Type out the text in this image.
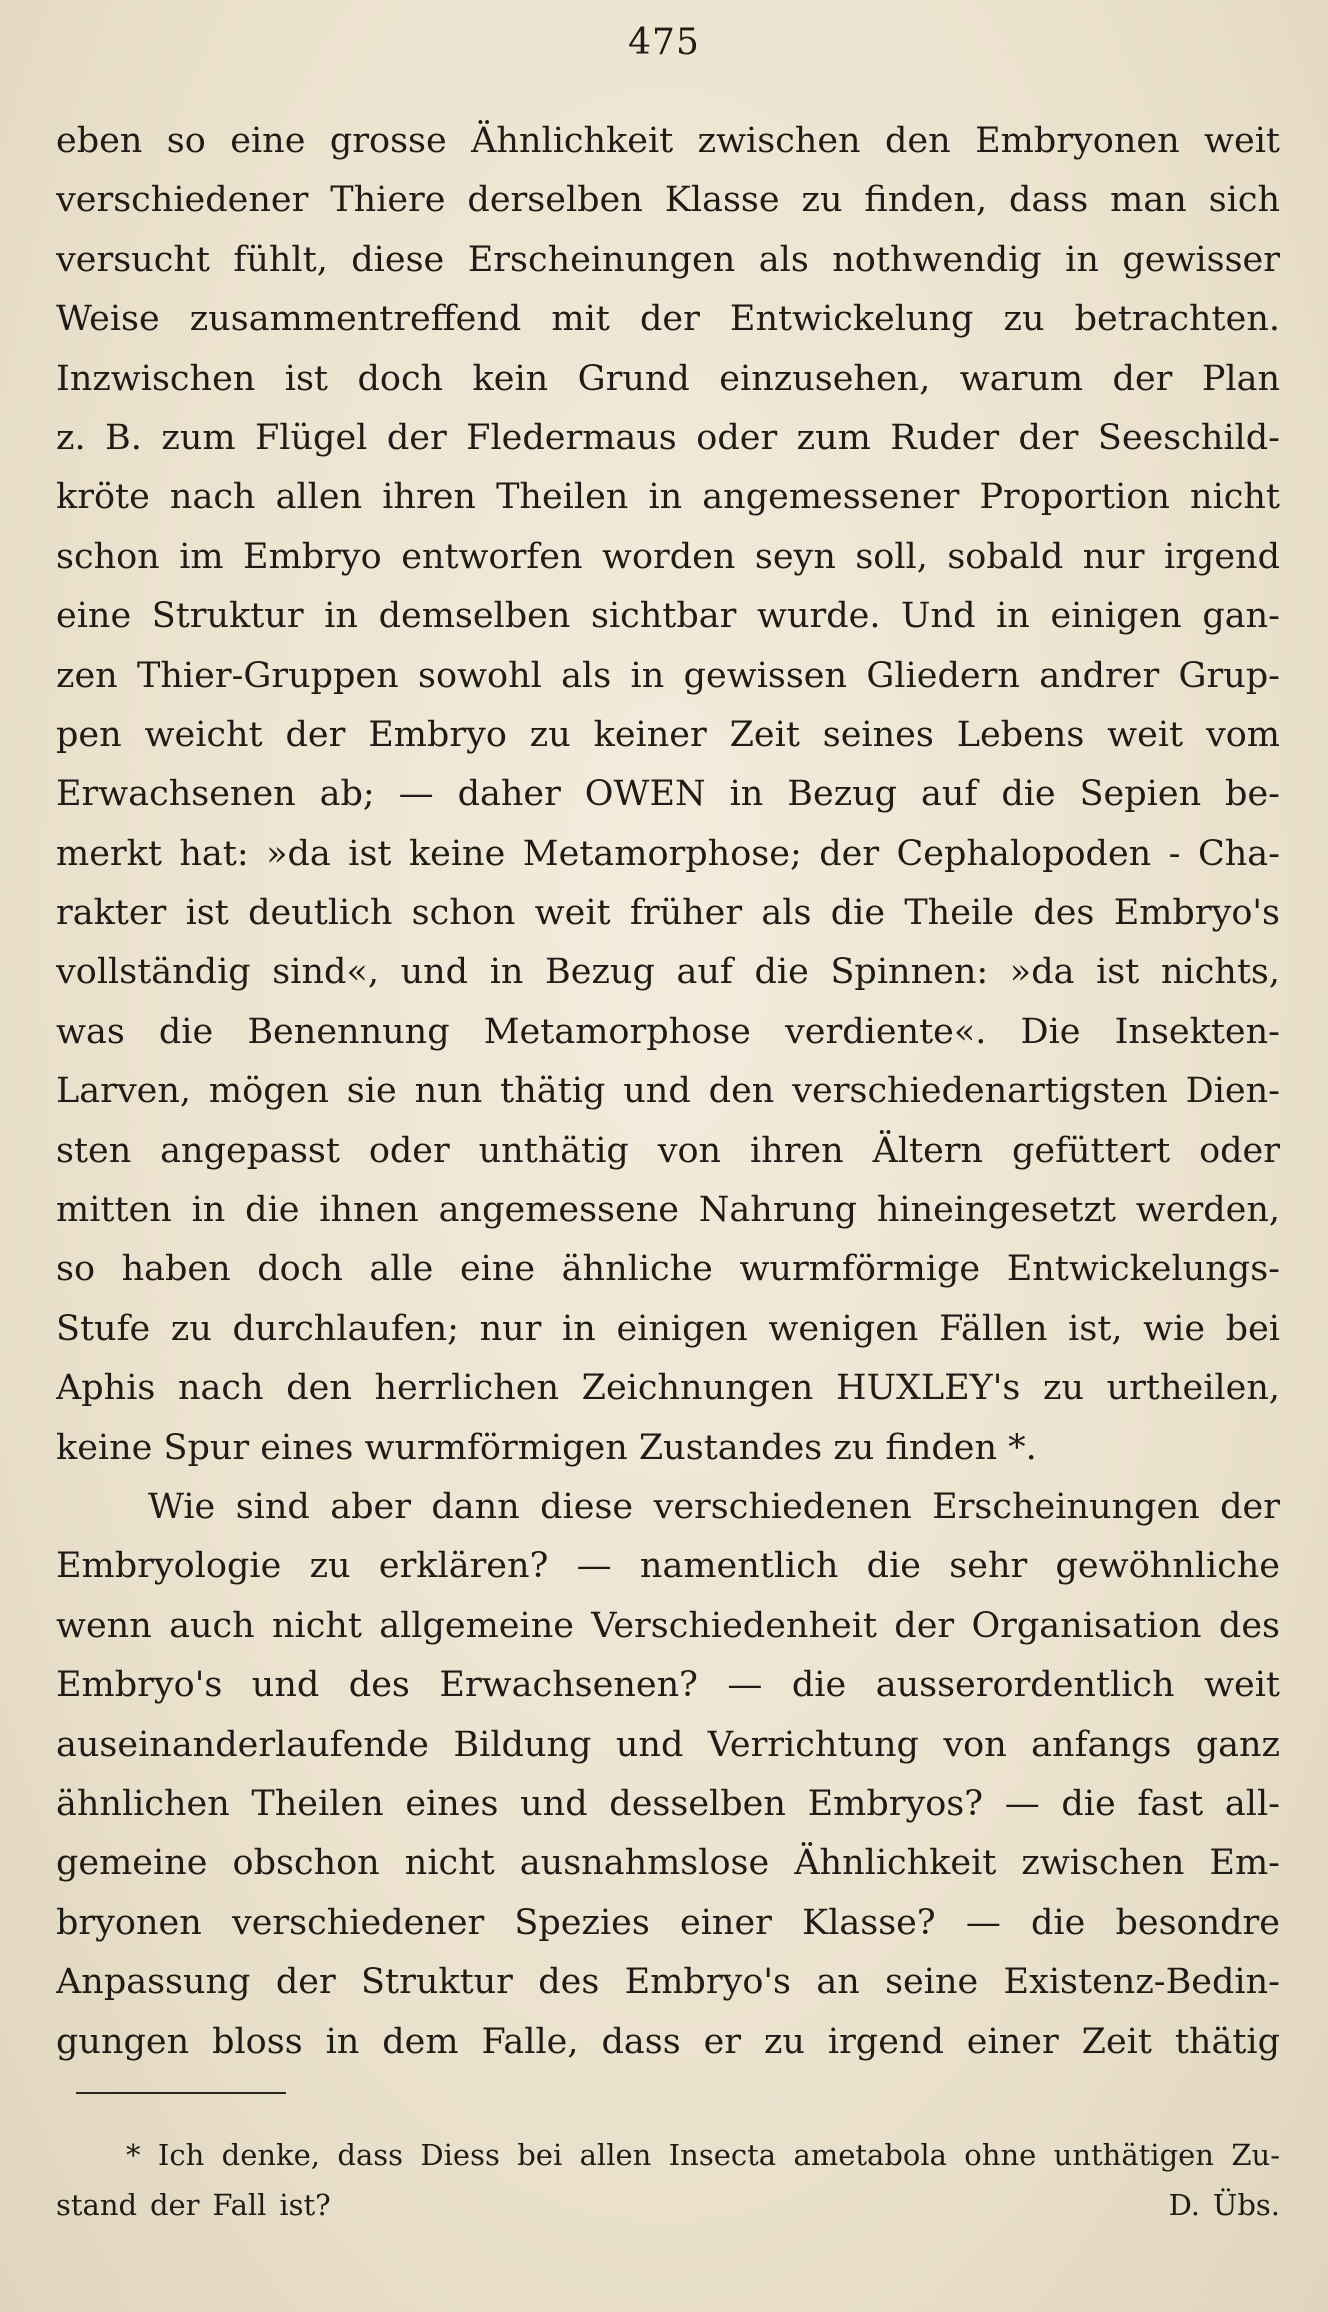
475
eben so eine grosse Ähnlichkeit zwischen den Embryonen weit
verschiedener Thiere derselben Klasse zu finden, dass man sich
versucht fühlt, diese Erscheinungen als nothwendig in gewisser
Weise zusammentreffend mit der Entwickelung zu betrachten.
Inzwischen ist doch kein Grund einzusehen, warum der Plan
z. B. zum Flügel der Fledermaus oder zum Ruder der Seeschild-
kröte nach allen ihren Theilen in angemessener Proportion nicht
schon im Embryo entworfen worden seyn soll, sobald nur irgend
eine Struktur in demselben sichtbar wurde. Und in einigen gan-
zen Thier-Gruppen sowohl als in gewissen Gliedern andrer Grup-
pen weicht der Embryo zu keiner Zeit seines Lebens weit vom
Erwachsenen ab; — daher OWEN in Bezug auf die Sepien be-
merkt hat: »da ist keine Metamorphose; der Cephalopoden - Cha-
rakter ist deutlich schon weit früher als die Theile des Embryo's
vollständig sind«, und in Bezug auf die Spinnen: »da ist nichts,
was die Benennung Metamorphose verdiente«. Die Insekten-
Larven, mögen sie nun thätig und den verschiedenartigsten Dien-
sten angepasst oder unthätig von ihren Ältern gefüttert oder
mitten in die ihnen angemessene Nahrung hineingesetzt werden,
so haben doch alle eine ähnliche wurmförmige Entwickelungs-
Stufe zu durchlaufen; nur in einigen wenigen Fällen ist, wie bei
Aphis nach den herrlichen Zeichnungen HUXLEY's zu urtheilen,
keine Spur eines wurmförmigen Zustandes zu finden *.
Wie sind aber dann diese verschiedenen Erscheinungen der
Embryologie zu erklären? — namentlich die sehr gewöhnliche
wenn auch nicht allgemeine Verschiedenheit der Organisation des
Embryo's und des Erwachsenen? — die ausserordentlich weit
auseinanderlaufende Bildung und Verrichtung von anfangs ganz
ähnlichen Theilen eines und desselben Embryos? — die fast all-
gemeine obschon nicht ausnahmslose Ähnlichkeit zwischen Em-
bryonen verschiedener Spezies einer Klasse? — die besondre
Anpassung der Struktur des Embryo's an seine Existenz-Bedin-
gungen bloss in dem Falle, dass er zu irgend einer Zeit thätig
* Ich denke, dass Diess bei allen Insecta ametabola ohne unthätigen Zu-
stand der Fall ist?                                                                 D. Übs.
